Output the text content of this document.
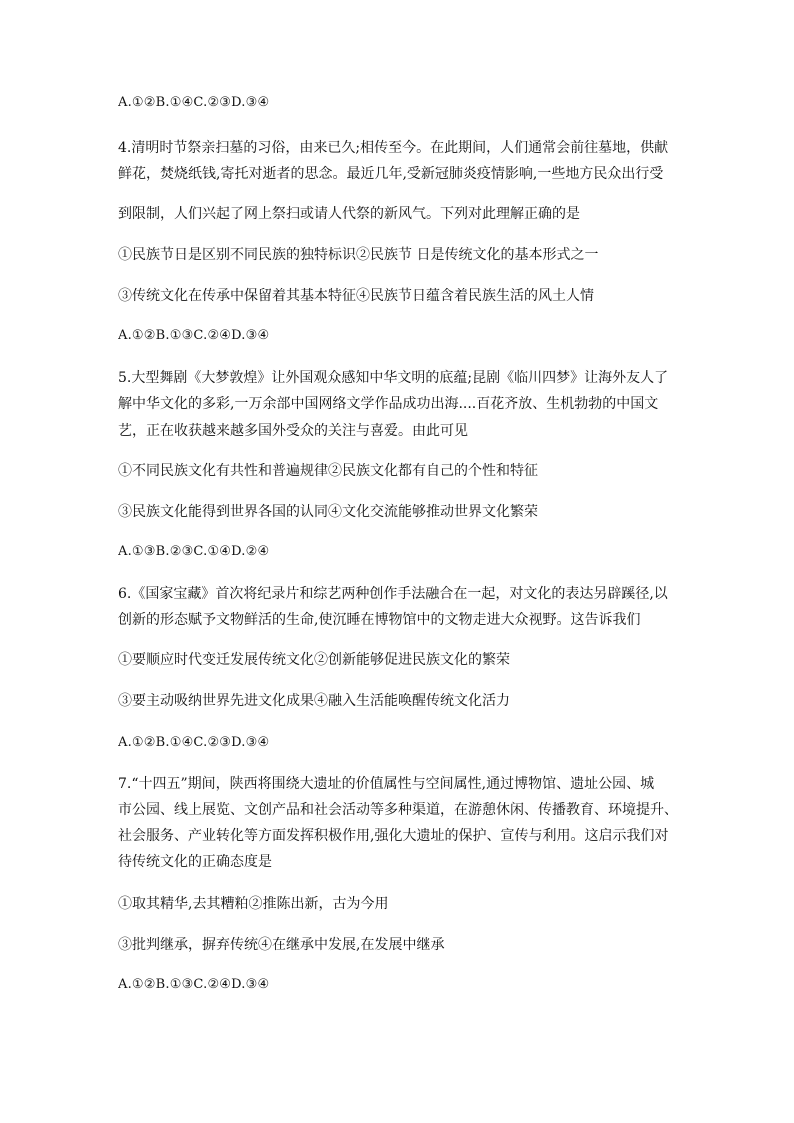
A.①②B.①④C.②③D.③④
4.清明时节祭亲扫墓的习俗，由来已久;相传至今。在此期间，人们通常会前往墓地，供献
鲜花，焚烧纸钱,寄托对逝者的思念。最近几年,受新冠肺炎疫情影响,一些地方民众出行受
到限制，人们兴起了网上祭扫或请人代祭的新风气。下列对此理解正确的是
①民族节日是区别不同民族的独特标识②民族节 日是传统文化的基本形式之一
③传统文化在传承中保留着其基本特征④民族节日蕴含着民族生活的风土人情
A.①②B.①③C.②④D.③④
5.大型舞剧《大梦敦煌》让外国观众感知中华文明的底蕴;昆剧《临川四梦》让海外友人了
解中华文化的多彩,一万余部中国网络文学作品成功出海....百花齐放、生机勃勃的中国文
艺，正在收获越来越多国外受众的关注与喜爱。由此可见
①不同民族文化有共性和普遍规律②民族文化都有自己的个性和特征
③民族文化能得到世界各国的认同④文化交流能够推动世界文化繁荣
A.①③B.②③C.①④D.②④
6.《国家宝藏》首次将纪录片和综艺两种创作手法融合在一起，对文化的表达另辟蹊径,以
创新的形态赋予文物鲜活的生命,使沉睡在博物馆中的文物走进大众视野。这告诉我们
①要顺应时代变迁发展传统文化②创新能够促进民族文化的繁荣
③要主动吸纳世界先进文化成果④融入生活能唤醒传统文化活力
A.①②B.①④C.②③D.③④
7.“十四五”期间，陕西将围绕大遗址的价值属性与空间属性,通过博物馆、遗址公园、城
市公园、线上展览、文创产品和社会活动等多种渠道，在游憩休闲、传播教育、环境提升、
社会服务、产业转化等方面发挥积极作用,强化大遗址的保护、宣传与利用。这启示我们对
待传统文化的正确态度是
①取其精华,去其糟粕②推陈出新，古为今用
③批判继承，摒弃传统④在继承中发展,在发展中继承
A.①②B.①③C.②④D.③④
